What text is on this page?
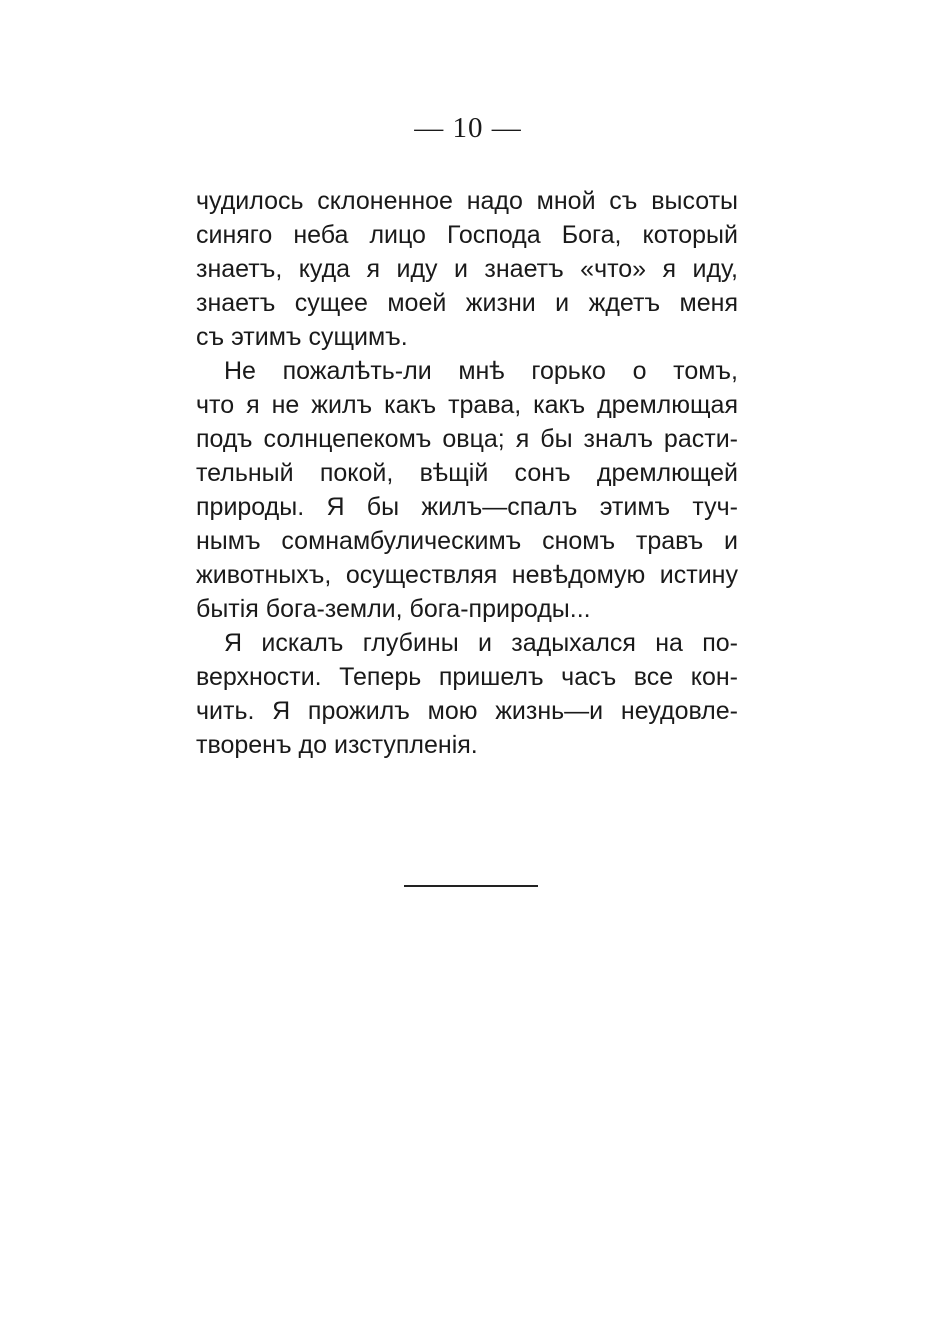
— 10 —
чудилось склоненное надо мной съ высоты
синяго неба лицо Господа Бога, который
знаетъ, куда я иду и знаетъ «что» я иду,
знаетъ сущее моей жизни и ждетъ меня
съ этимъ сущимъ.
Не пожалѣть-ли мнѣ горько о томъ,
что я не жилъ какъ трава, какъ дремлющая
подъ солнцепекомъ овца; я бы зналъ расти-
тельный покой, вѣщій сонъ дремлющей
природы. Я бы жилъ—спалъ этимъ туч-
нымъ сомнамбулическимъ сномъ травъ и
животныхъ, осуществляя невѣдомую истину
бытія бога-земли, бога-природы...
Я искалъ глубины и задыхался на по-
верхности. Теперь пришелъ часъ все кон-
чить. Я прожилъ мою жизнь—и неудовле-
творенъ до изступленія.
